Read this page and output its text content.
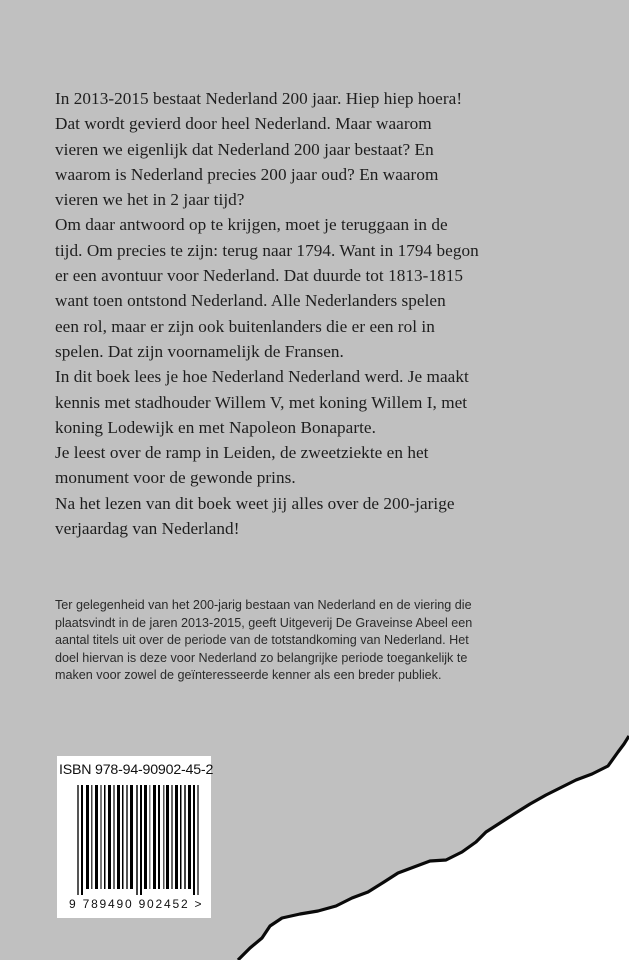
In 2013-2015 bestaat Nederland 200 jaar. Hiep hiep hoera!

Dat wordt gevierd door heel Nederland. Maar waarom

vieren we eigenlijk dat Nederland 200 jaar bestaat? En

waarom is Nederland precies 200 jaar oud? En waarom

vieren we het in 2 jaar tijd?

Om daar antwoord op te krijgen, moet je teruggaan in de

tijd. Om precies te zijn: terug naar 1794. Want in 1794 begon

er een avontuur voor Nederland. Dat duurde tot 1813-1815

want toen ontstond Nederland. Alle Nederlanders spelen

een rol, maar er zijn ook buitenlanders die er een rol in

spelen. Dat zijn voornamelijk de Fransen.

In dit boek lees je hoe Nederland Nederland werd. Je maakt

kennis met stadhouder Willem V, met koning Willem I, met

koning Lodewijk en met Napoleon Bonaparte.

Je leest over de ramp in Leiden, de zweetziekte en het

monument voor de gewonde prins.

Na het lezen van dit boek weet jij alles over de 200-jarige

verjaardag van Nederland!

Ter gelegenheid van het 200-jarig bestaan van Nederland en de viering die

plaatsvindt in de jaren 2013-2015, geeft Uitgeverij De Graveinse Abeel een

aantal titels uit over de periode van de totstandkoming van Nederland. Het

doel hiervan is deze voor Nederland zo belangrijke periode toegankelijk te

maken voor zowel de geïnteresseerde kenner als een breder publiek.

ISBN 978-94-90902-45-2
9 789490 902452 >
